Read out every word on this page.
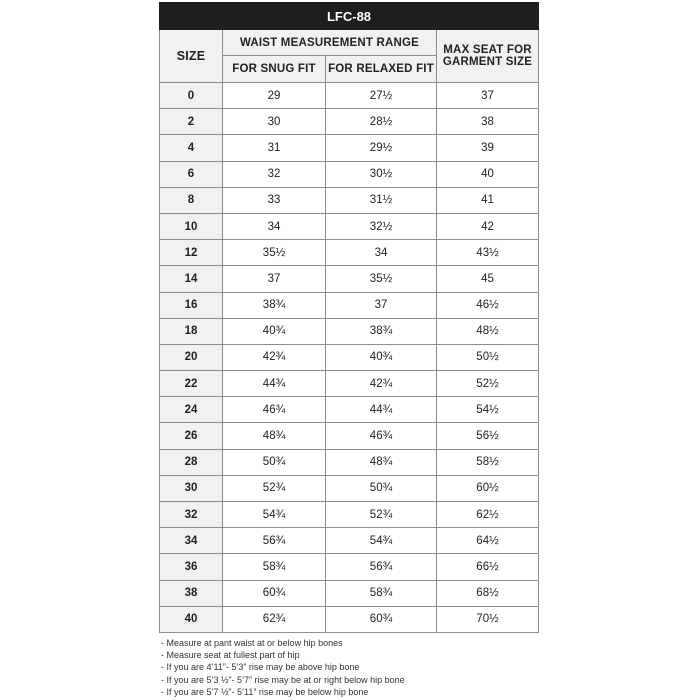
LFC-88			
SIZE	WAIST MEASUREMENT RANGE		MAX SEAT FOR
GARMENT SIZE
	FOR SNUG FIT	FOR RELAXED FIT	
0	29	27½	37
2	30	28½	38
4	31	29½	39
6	32	30½	40
8	33	31½	41
10	34	32½	42
12	35½	34	43½
14	37	35½	45
16	38¾	37	46½
18	40¾	38¾	48½
20	42¾	40¾	50½
22	44¾	42¾	52½
24	46¾	44¾	54½
26	48¾	46¾	56½
28	50¾	48¾	58½
30	52¾	50¾	60½
32	54¾	52¾	62½
34	56¾	54¾	64½
36	58¾	56¾	66½
38	60¾	58¾	68½
40	62¾	60¾	70½
- Measure at pant waist at or below hip bones
- Measure seat at fullest part of hip
- If you are 4’11”- 5’3” rise may be above hip bone
- If you are 5’3 ½”- 5’7” rise may be at or right below hip bone
- If you are 5’7 ½”- 5’11” rise may be below hip bone
